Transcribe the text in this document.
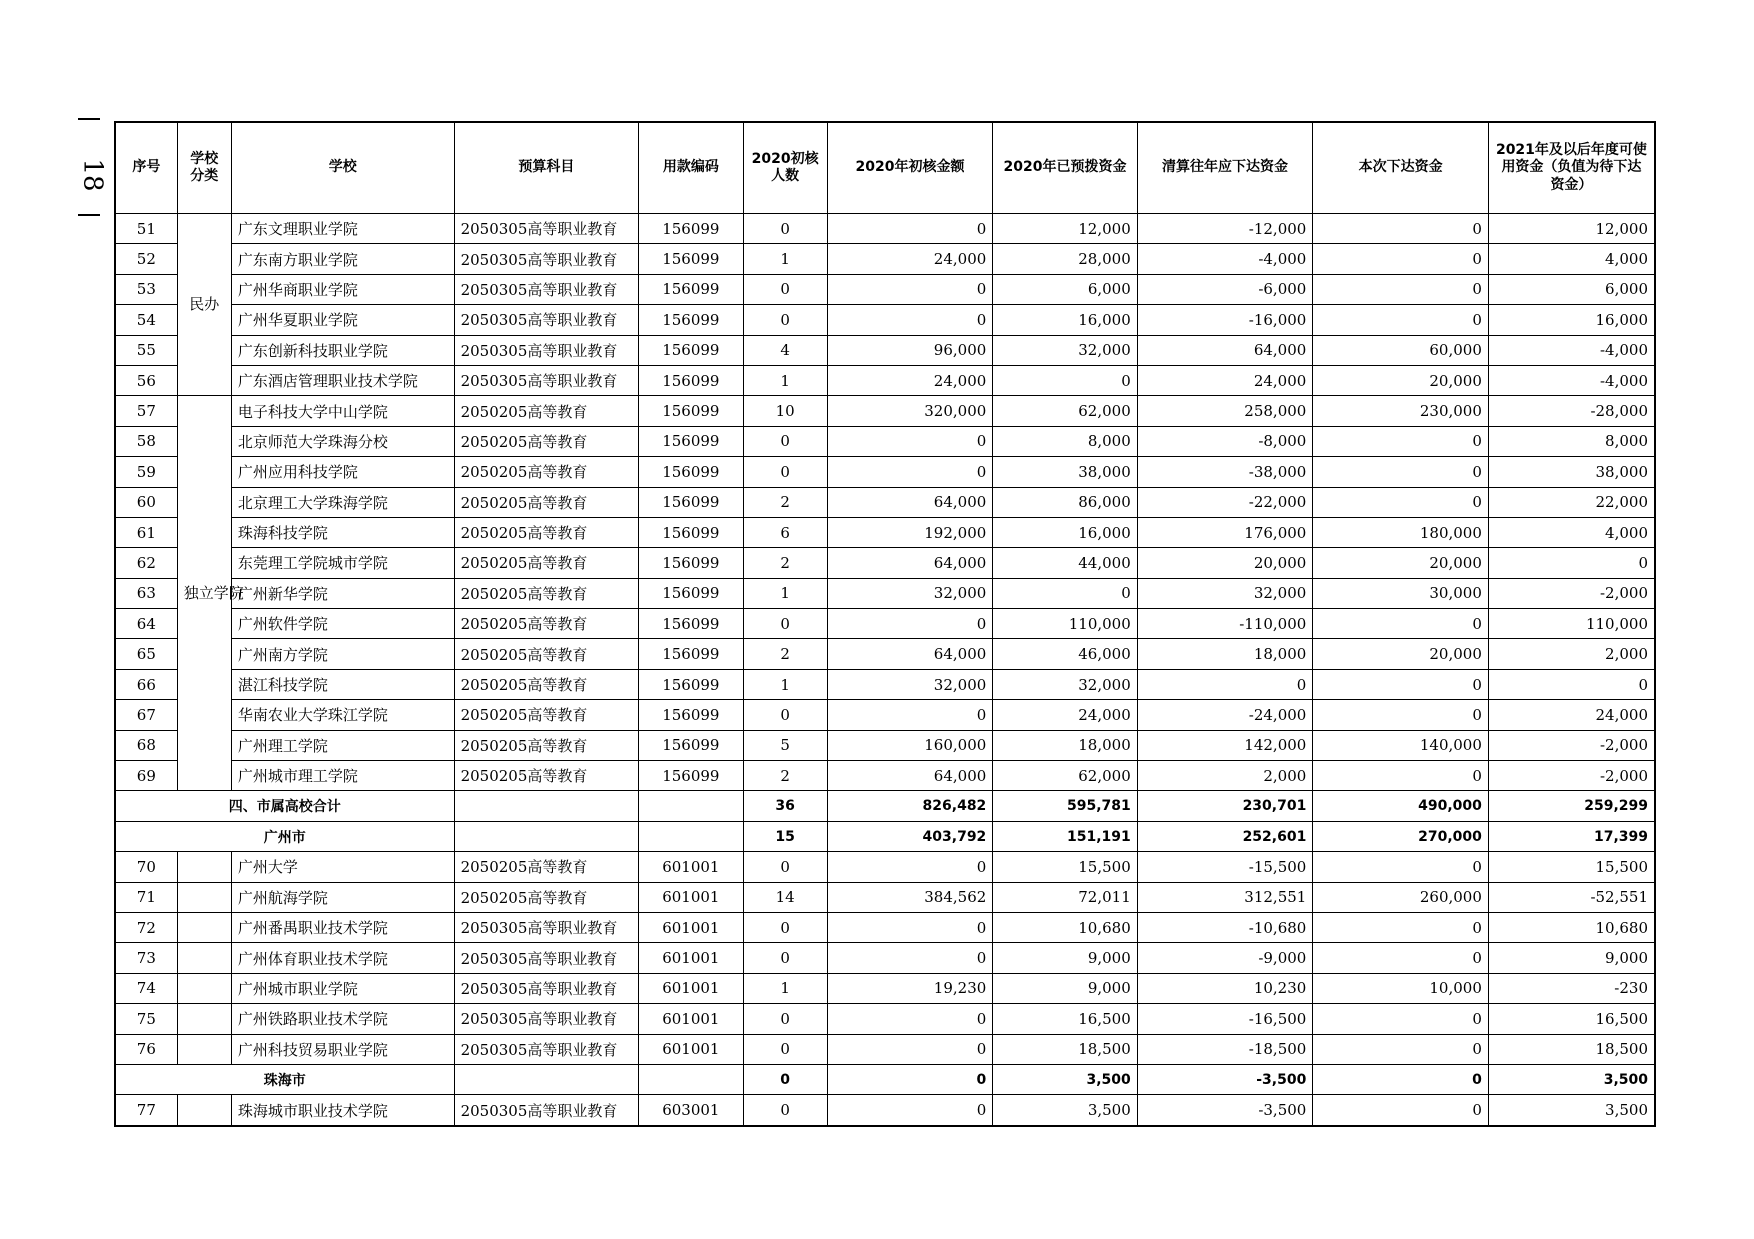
18 序号	学校分类	学校	预算科目	用款编码	2020初核人数	2020年初核金额	2020年已预拨资金	清算往年应下达资金	本次下达资金	2021年及以后年度可使用资金（负值为待下达资金）
51	民办	广东文理职业学院	2050305高等职业教育	156099	0	0	12,000	-12,000	0	12,000
52		广东南方职业学院	2050305高等职业教育	156099	1	24,000	28,000	-4,000	0	4,000
53		广州华商职业学院	2050305高等职业教育	156099	0	0	6,000	-6,000	0	6,000
54		广州华夏职业学院	2050305高等职业教育	156099	0	0	16,000	-16,000	0	16,000
55		广东创新科技职业学院	2050305高等职业教育	156099	4	96,000	32,000	64,000	60,000	-4,000
56		广东酒店管理职业技术学院	2050305高等职业教育	156099	1	24,000	0	24,000	20,000	-4,000
57	独立学院	电子科技大学中山学院	2050205高等教育	156099	10	320,000	62,000	258,000	230,000	-28,000
58		北京师范大学珠海分校	2050205高等教育	156099	0	0	8,000	-8,000	0	8,000
59		广州应用科技学院	2050205高等教育	156099	0	0	38,000	-38,000	0	38,000
60		北京理工大学珠海学院	2050205高等教育	156099	2	64,000	86,000	-22,000	0	22,000
61		珠海科技学院	2050205高等教育	156099	6	192,000	16,000	176,000	180,000	4,000
62		东莞理工学院城市学院	2050205高等教育	156099	2	64,000	44,000	20,000	20,000	0
63		广州新华学院	2050205高等教育	156099	1	32,000	0	32,000	30,000	-2,000
64		广州软件学院	2050205高等教育	156099	0	0	110,000	-110,000	0	110,000
65		广州南方学院	2050205高等教育	156099	2	64,000	46,000	18,000	20,000	2,000
66		湛江科技学院	2050205高等教育	156099	1	32,000	32,000	0	0	0
67		华南农业大学珠江学院	2050205高等教育	156099	0	0	24,000	-24,000	0	24,000
68		广州理工学院	2050205高等教育	156099	5	160,000	18,000	142,000	140,000	-2,000
69		广州城市理工学院	2050205高等教育	156099	2	64,000	62,000	2,000	0	-2,000
四、市属高校合计					36	826,482	595,781	230,701	490,000	259,299
广州市					15	403,792	151,191	252,601	270,000	17,399
70		广州大学	2050205高等教育	601001	0	0	15,500	-15,500	0	15,500
71		广州航海学院	2050205高等教育	601001	14	384,562	72,011	312,551	260,000	-52,551
72		广州番禺职业技术学院	2050305高等职业教育	601001	0	0	10,680	-10,680	0	10,680
73		广州体育职业技术学院	2050305高等职业教育	601001	0	0	9,000	-9,000	0	9,000
74		广州城市职业学院	2050305高等职业教育	601001	1	19,230	9,000	10,230	10,000	-230
75		广州铁路职业技术学院	2050305高等职业教育	601001	0	0	16,500	-16,500	0	16,500
76		广州科技贸易职业学院	2050305高等职业教育	601001	0	0	18,500	-18,500	0	18,500
珠海市					0	0	3,500	-3,500	0	3,500
77		珠海城市职业技术学院	2050305高等职业教育	603001	0	0	3,500	-3,500	0	3,500
